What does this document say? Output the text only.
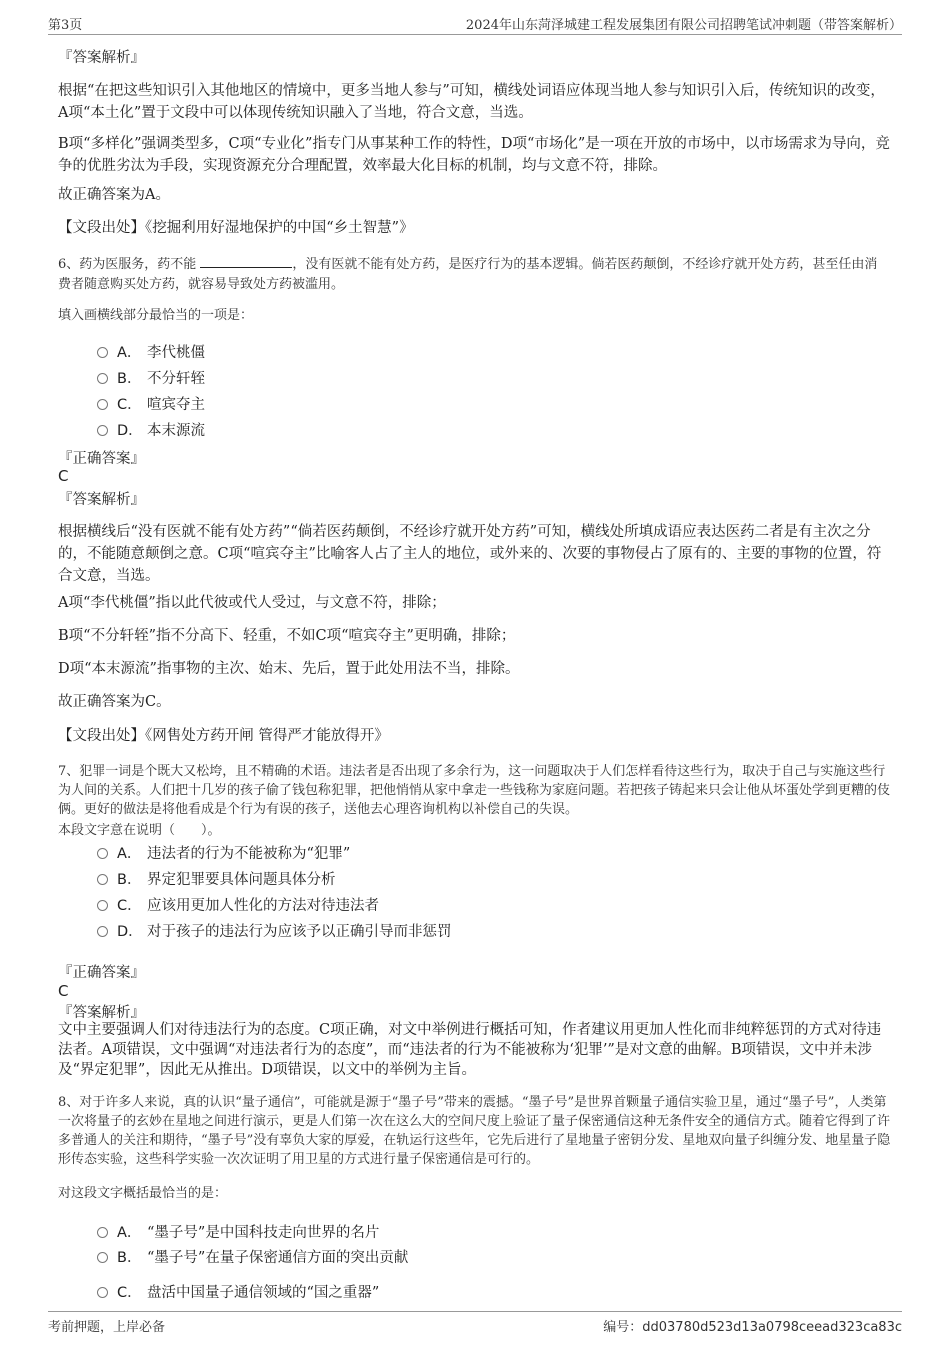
第3页	2024年山东菏泽城建工程发展集团有限公司招聘笔试冲刺题（带答案解析）

『答案解析』

根据“在把这些知识引入其他地区的情境中，更多当地人参与”可知，横线处词语应体现当地人参与知识引入后，传统知识的改变，A项“本土化”置于文段中可以体现传统知识融入了当地，符合文意，当选。

B项“多样化”强调类型多，C项“专业化”指专门从事某种工作的特性，D项“市场化”是一项在开放的市场中，以市场需求为导向，竞争的优胜劣汰为手段，实现资源充分合理配置，效率最大化目标的机制，均与文意不符，排除。

故正确答案为A。

【文段出处】《挖掘利用好湿地保护的中国“乡土智慧”》

6、药为医服务，药不能	，没有医就不能有处方药，是医疗行为的基本逻辑。倘若医药颠倒，不经诊疗就开处方药，甚至任由消费者随意购买处方药，就容易导致处方药被滥用。

填入画横线部分最恰当的一项是：

A． 李代桃僵
B． 不分轩轾
C． 喧宾夺主
D． 本末源流

『正确答案』

C

『答案解析』

根据横线后“没有医就不能有处方药”“倘若医药颠倒，不经诊疗就开处方药”可知，横线处所填成语应表达医药二者是有主次之分的，不能随意颠倒之意。C项“喧宾夺主”比喻客人占了主人的地位，或外来的、次要的事物侵占了原有的、主要的事物的位置，符合文意，当选。

A项“李代桃僵”指以此代彼或代人受过，与文意不符，排除；

B项“不分轩轾”指不分高下、轻重，不如C项“喧宾夺主”更明确，排除；

D项“本末源流”指事物的主次、始末、先后，置于此处用法不当，排除。

故正确答案为C。

【文段出处】《网售处方药开闸 管得严才能放得开》

7、犯罪一词是个既大又松垮，且不精确的术语。违法者是否出现了多余行为，这一问题取决于人们怎样看待这些行为，取决于自己与实施这些行为人间的关系。人们把十几岁的孩子偷了钱包称犯罪，把他悄悄从家中拿走一些钱称为家庭问题。若把孩子铸起来只会让他从坏蛋处学到更糟的伎俩。更好的做法是将他看成是个行为有误的孩子，送他去心理咨询机构以补偿自己的失误。

本段文字意在说明（　　）。

A． 违法者的行为不能被称为“犯罪”
B． 界定犯罪要具体问题具体分析
C． 应该用更加人性化的方法对待违法者
D． 对于孩子的违法行为应该予以正确引导而非惩罚

『正确答案』

C

『答案解析』

文中主要强调人们对待违法行为的态度。C项正确，对文中举例进行概括可知，作者建议用更加人性化而非纯粹惩罚的方式对待违法者。A项错误，文中强调“对违法者行为的态度”，而“违法者的行为不能被称为‘犯罪’”是对文意的曲解。B项错误，文中并未涉及“界定犯罪”，因此无从推出。D项错误，以文中的举例为主旨。

8、对于许多人来说，真的认识“量子通信”，可能就是源于“墨子号”带来的震撼。“墨子号”是世界首颗量子通信实验卫星，通过“墨子号”，人类第一次将量子的玄妙在星地之间进行演示，更是人们第一次在这么大的空间尺度上验证了量子保密通信这种无条件安全的通信方式。随着它得到了许多普通人的关注和期待，“墨子号”没有辜负大家的厚爱，在轨运行这些年，它先后进行了星地量子密钥分发、星地双向量子纠缠分发、地星量子隐形传态实验，这些科学实验一次次证明了用卫星的方式进行量子保密通信是可行的。

对这段文字概括最恰当的是：

A． “墨子号”是中国科技走向世界的名片
B． “墨子号”在量子保密通信方面的突出贡献
C． 盘活中国量子通信领域的“国之重器”
考前押题，上岸必备	编号：dd03780d523d13a0798ceead323ca83c
